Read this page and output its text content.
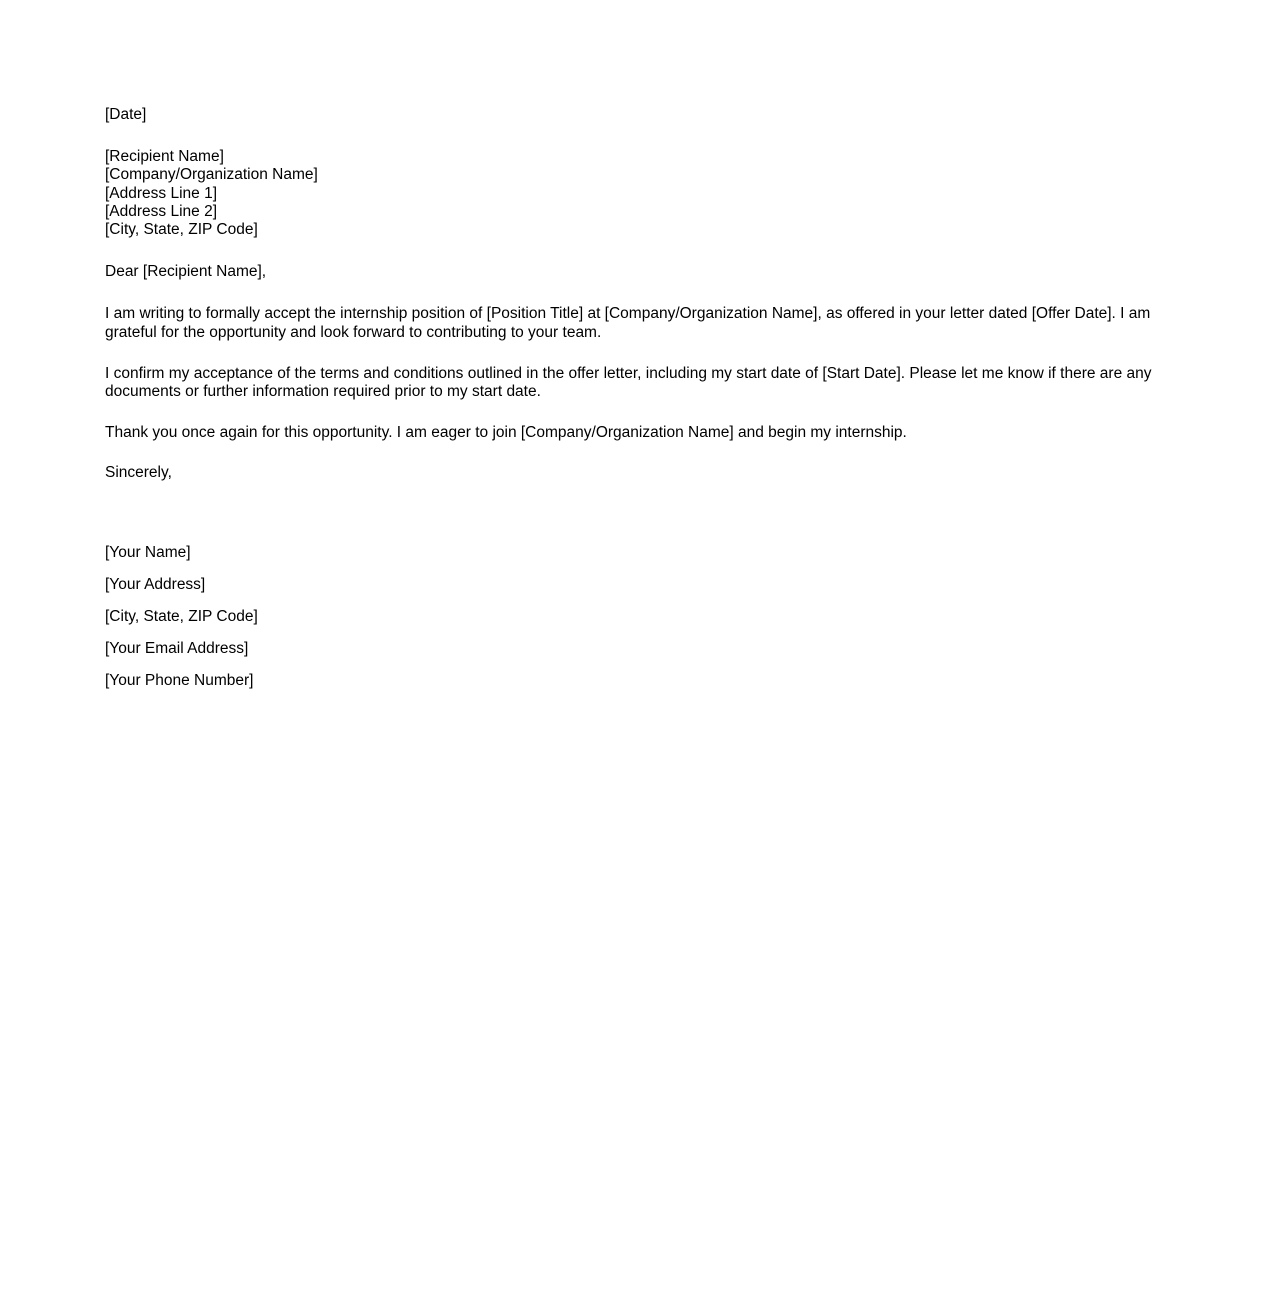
[Date]
[Recipient Name]
[Company/Organization Name]
[Address Line 1]
[Address Line 2]
[City, State, ZIP Code]
Dear [Recipient Name],
I am writing to formally accept the internship position of [Position Title] at [Company/Organization Name], as offered in your letter dated [Offer Date]. I am grateful for the opportunity and look forward to contributing to your team.
I confirm my acceptance of the terms and conditions outlined in the offer letter, including my start date of [Start Date]. Please let me know if there are any documents or further information required prior to my start date.
Thank you once again for this opportunity. I am eager to join [Company/Organization Name] and begin my internship.
Sincerely,
[Your Name]
[Your Address]
[City, State, ZIP Code]
[Your Email Address]
[Your Phone Number]
